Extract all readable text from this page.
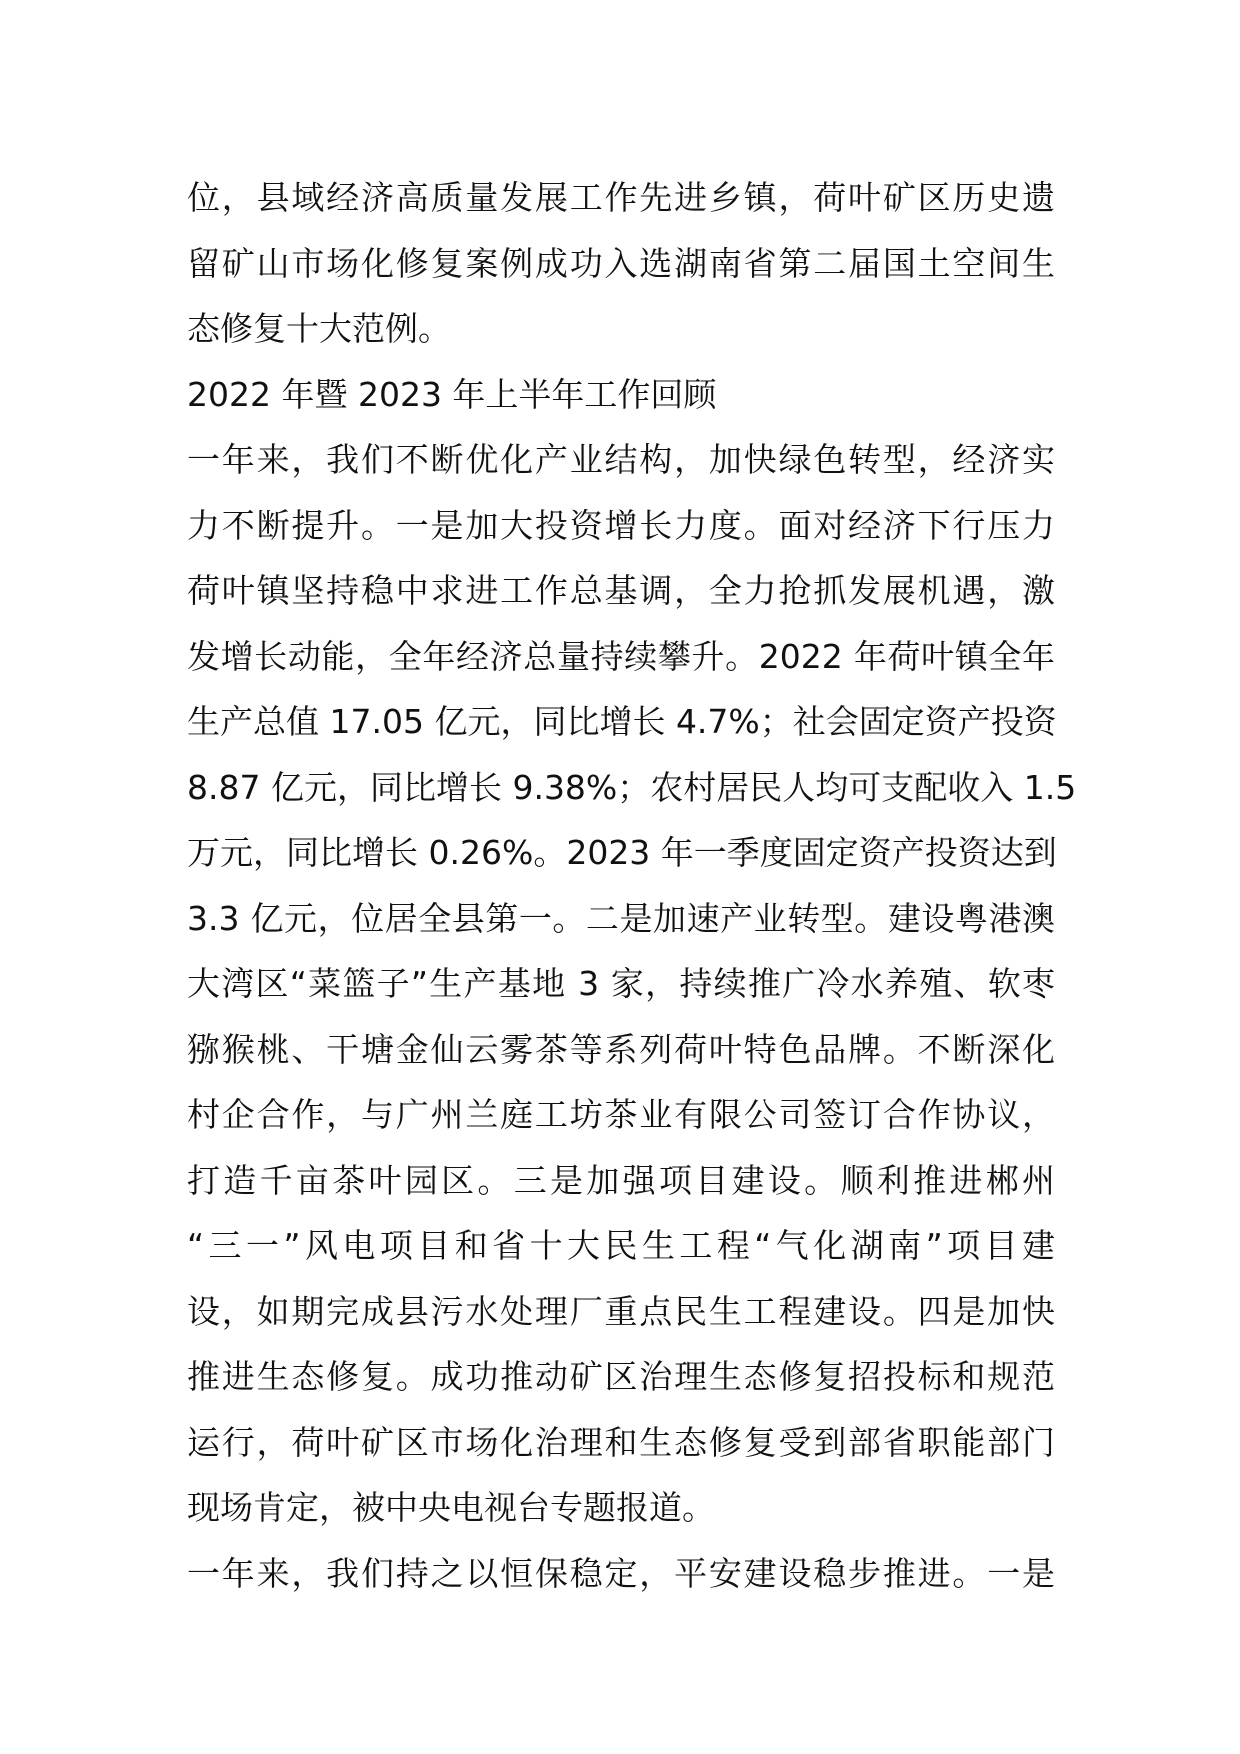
位，县域经济高质量发展工作先进乡镇，荷叶矿区历史遗
留矿山市场化修复案例成功入选湖南省第二届国土空间生
态修复十大范例。
2022 年暨 2023 年上半年工作回顾
一年来，我们不断优化产业结构，加快绿色转型，经济实
力不断提升。一是加大投资增长力度。面对经济下行压力
荷叶镇坚持稳中求进工作总基调，全力抢抓发展机遇，激
发增长动能，全年经济总量持续攀升。2022 年荷叶镇全年
生产总值 17.05 亿元，同比增长 4.7%；社会固定资产投资
8.87 亿元，同比增长 9.38%；农村居民人均可支配收入 1.5
万元，同比增长 0.26%。2023 年一季度固定资产投资达到
3.3 亿元，位居全县第一。二是加速产业转型。建设粤港澳
大湾区“菜篮子”生产基地 3 家，持续推广冷水养殖、软枣
猕猴桃、干塘金仙云雾茶等系列荷叶特色品牌。不断深化
村企合作，与广州兰庭工坊茶业有限公司签订合作协议，
打造千亩茶叶园区。三是加强项目建设。顺利推进郴州
“三一”风电项目和省十大民生工程“气化湖南”项目建
设，如期完成县污水处理厂重点民生工程建设。四是加快
推进生态修复。成功推动矿区治理生态修复招投标和规范
运行，荷叶矿区市场化治理和生态修复受到部省职能部门
现场肯定，被中央电视台专题报道。
一年来，我们持之以恒保稳定，平安建设稳步推进。一是
